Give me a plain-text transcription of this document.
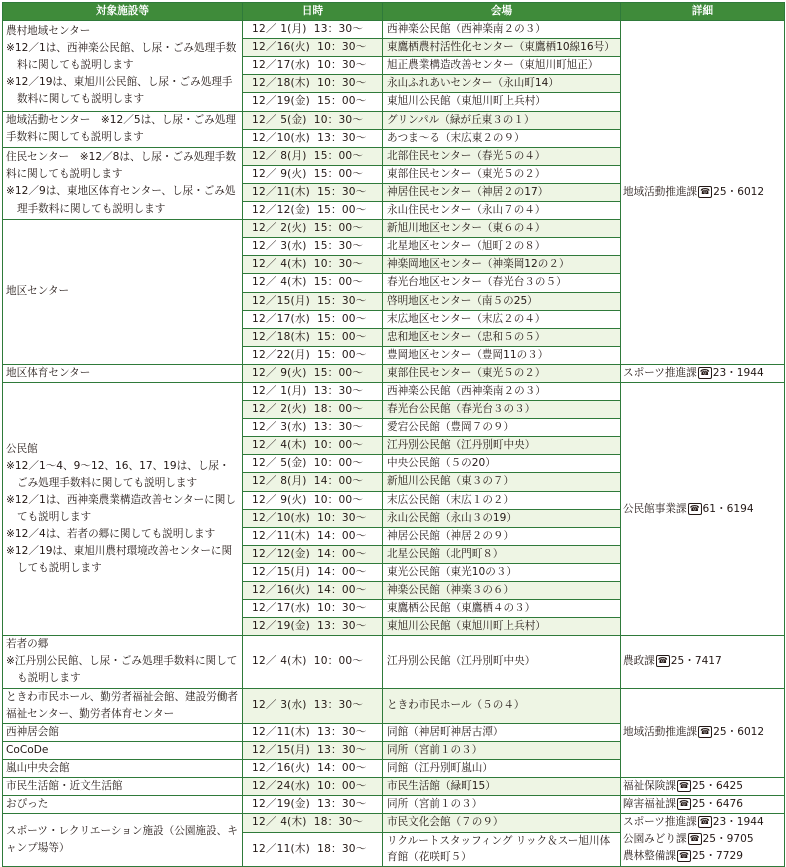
対象施設等	日時	会場	詳細

農村地域センター
※12／1は、西神楽公民館、し尿・ごみ処理手数料に関しても説明します
※12／19は、東旭川公民館、し尿・ごみ処理手数料に関しても説明します	12／ 1(月) 13：30～	西神楽公民館（西神楽南２の３）	地域活動推進課 ☎ 25・6012
	12／16(火) 10：30～	東鷹栖農村活性化センター（東鷹栖10線16号）	
	12／17(水) 10：30～	旭正農業構造改善センター（東旭川町旭正）	
	12／18(木) 10：30～	永山ふれあいセンター（永山町14）	
	12／19(金) 15：00～	東旭川公民館（東旭川町上兵村）	

地域活動センター　※12／5は、し尿・ごみ処理手数料に関しても説明します	12／ 5(金) 10：30～	グリンパル（緑が丘東３の１）	
	12／10(水) 13：30～	あつま～る（末広東２の９）	

住民センター　※12／8は、し尿・ごみ処理手数料に関しても説明します
※12／9は、東地区体育センター、し尿・ごみ処理手数料に関しても説明します	12／ 8(月) 15：00～	北部住民センター（春光５の４）	
	12／ 9(火) 15：00～	東部住民センター（東光５の２）	
	12／11(木) 15：30～	神居住民センター（神居２の17）	
	12／12(金) 15：00～	永山住民センター（永山７の４）	

地区センター	12／ 2(火) 15：00～	新旭川地区センター（東６の４）	
	12／ 3(水) 15：30～	北星地区センター（旭町２の８）	
	12／ 4(木) 10：30～	神楽岡地区センター（神楽岡12の２）	
	12／ 4(木) 15：00～	春光台地区センター（春光台３の５）	
	12／15(月) 15：30～	啓明地区センター（南５の25）	
	12／17(水) 15：00～	末広地区センター（末広２の４）	
	12／18(木) 15：00～	忠和地区センター（忠和５の５）	
	12／22(月) 15：00～	豊岡地区センター（豊岡11の３）	

地区体育センター	12／ 9(火) 15：00～	東部住民センター（東光５の２）	スポーツ推進課 ☎ 23・1944

公民館
※12／1～4、9～12、16、17、19は、し尿・ごみ処理手数料に関しても説明します
※12／1は、西神楽農業構造改善センターに関しても説明します
※12／4は、若者の郷に関しても説明します
※12／19は、東旭川農村環境改善センターに関しても説明します	12／ 1(月) 13：30～	西神楽公民館（西神楽南２の３）	公民館事業課 ☎ 61・6194
	12／ 2(火) 18：00～	春光台公民館（春光台３の３）	
	12／ 3(水) 13：30～	愛宕公民館（豊岡７の９）	
	12／ 4(木) 10：00～	江丹別公民館（江丹別町中央）	
	12／ 5(金) 10：00～	中央公民館（５の20）	
	12／ 8(月) 14：00～	新旭川公民館（東３の７）	
	12／ 9(火) 10：00～	末広公民館（末広１の２）	
	12／10(水) 10：30～	永山公民館（永山３の19）	
	12／11(木) 14：00～	神居公民館（神居２の９）	
	12／12(金) 14：00～	北星公民館（北門町８）	
	12／15(月) 14：00～	東光公民館（東光10の３）	
	12／16(火) 14：00～	神楽公民館（神楽３の６）	
	12／17(水) 10：30～	東鷹栖公民館（東鷹栖４の３）	
	12／19(金) 13：30～	東旭川公民館（東旭川町上兵村）	

若者の郷
※江丹別公民館、し尿・ごみ処理手数料に関しても説明します	12／ 4(木) 10：00～	江丹別公民館（江丹別町中央）	農政課 ☎ 25・7417

ときわ市民ホール、勤労者福祉会館、建設労働者福祉センター、勤労者体育センター	12／ 3(水) 13：30～	ときわ市民ホール（５の４）	地域活動推進課 ☎ 25・6012

西神居会館	12／11(木) 13：30～	同館（神居町神居古潭）	

CoCoDe	12／15(月) 13：30～	同所（宮前１の３）	

嵐山中央会館	12／16(火) 14：00～	同館（江丹別町嵐山）	

市民生活館・近文生活館	12／24(水) 10：00～	市民生活館（緑町15）	福祉保険課 ☎ 25・6425

おぴった	12／19(金) 13：30～	同所（宮前１の３）	障害福祉課 ☎ 25・6476

スポーツ・レクリエーション施設（公園施設、キャンプ場等）	12／ 4(木) 18：30～	市民文化会館（７の９）	スポーツ推進課 ☎ 23・1944
公園みどり課 ☎ 25・9705
農林整備課 ☎ 25・7729

	12／11(木) 18：30～	リクルートスタッフィング リック＆スー旭川体育館（花咲町５）	
